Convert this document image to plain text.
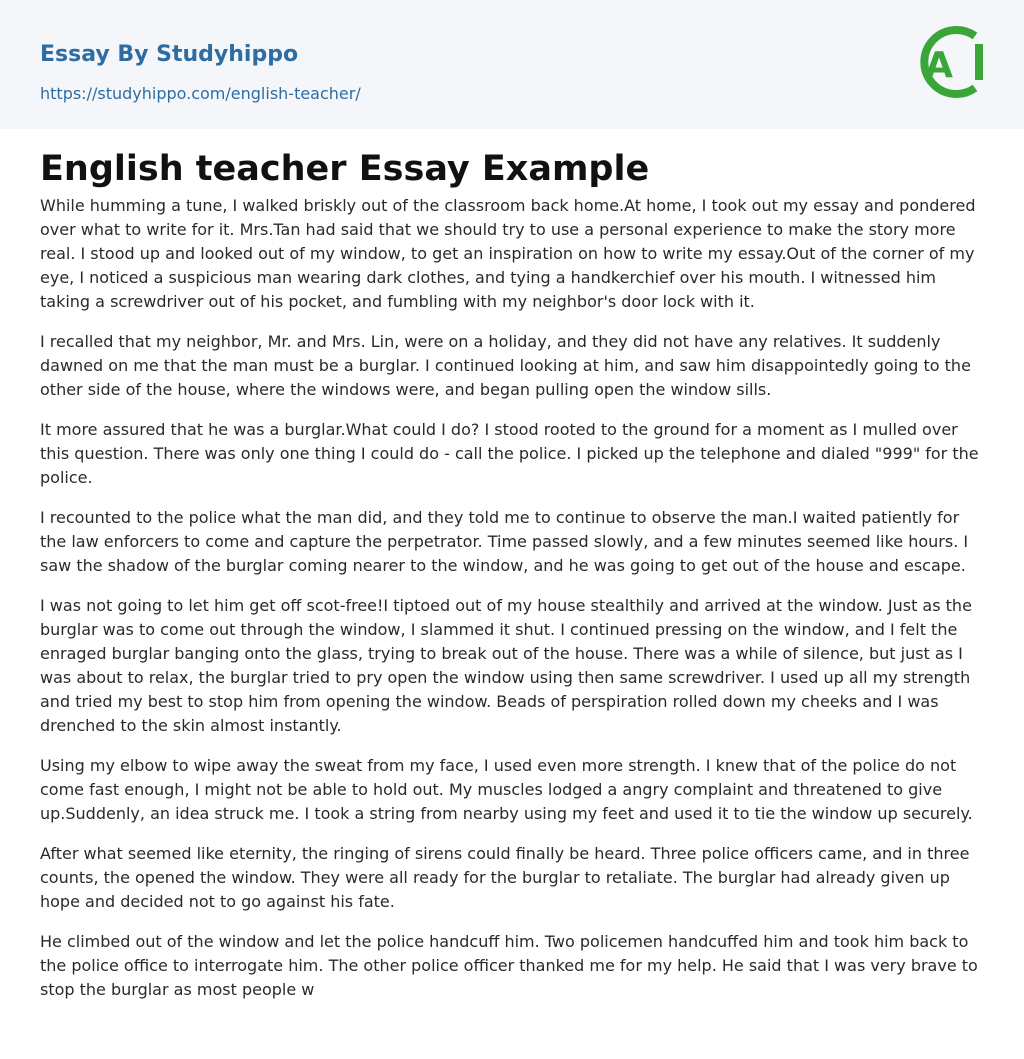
Essay By Studyhippo
https://studyhippo.com/english-teacher/
A
English teacher Essay Example

While humming a tune, I walked briskly out of the classroom back home.At home, I took out my essay and pondered over what to write for it. Mrs.Tan had said that we should try to use a personal experience to make the story more real. I stood up and looked out of my window, to get an inspiration on how to write my essay.Out of the corner of my eye, I noticed a suspicious man wearing dark clothes, and tying a handkerchief over his mouth. I witnessed him taking a screwdriver out of his pocket, and fumbling with my neighbor's door lock with it.

I recalled that my neighbor, Mr. and Mrs. Lin, were on a holiday, and they did not have any relatives. It suddenly dawned on me that the man must be a burglar. I continued looking at him, and saw him disappointedly going to the other side of the house, where the windows were, and began pulling open the window sills.

It more assured that he was a burglar.What could I do? I stood rooted to the ground for a moment as I mulled over this question. There was only one thing I could do - call the police. I picked up the telephone and dialed "999" for the police.

I recounted to the police what the man did, and they told me to continue to observe the man.I waited patiently for the law enforcers to come and capture the perpetrator. Time passed slowly, and a few minutes seemed like hours. I saw the shadow of the burglar coming nearer to the window, and he was going to get out of the house and escape.

I was not going to let him get off scot-free!I tiptoed out of my house stealthily and arrived at the window. Just as the burglar was to come out through the window, I slammed it shut. I continued pressing on the window, and I felt the enraged burglar banging onto the glass, trying to break out of the house. There was a while of silence, but just as I was about to relax, the burglar tried to pry open the window using then same screwdriver. I used up all my strength and tried my best to stop him from opening the window. Beads of perspiration rolled down my cheeks and I was drenched to the skin almost instantly.

Using my elbow to wipe away the sweat from my face, I used even more strength. I knew that of the police do not come fast enough, I might not be able to hold out. My muscles lodged a angry complaint and threatened to give up.Suddenly, an idea struck me. I took a string from nearby using my feet and used it to tie the window up securely.

After what seemed like eternity, the ringing of sirens could finally be heard. Three police officers came, and in three counts, the opened the window. They were all ready for the burglar to retaliate. The burglar had already given up hope and decided not to go against his fate.

He climbed out of the window and let the police handcuff him. Two policemen handcuffed him and took him back to the police office to interrogate him. The other police officer thanked me for my help. He said that I was very brave to stop the burglar as most people w
